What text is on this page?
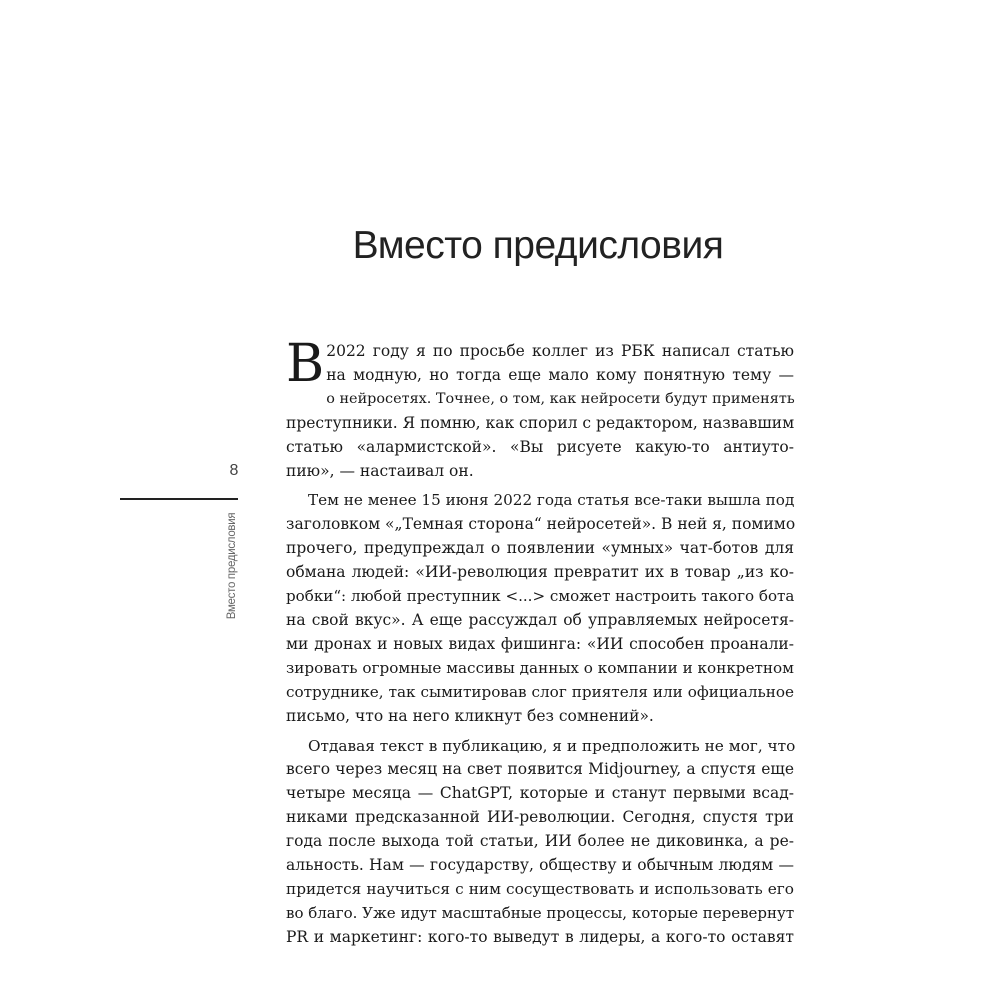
Вместо предисловия
8
Вместо предисловия
В 2022 году я по просьбе коллег из РБК написал статью
на модную, но тогда еще мало кому понятную тему —
о нейросетях. Точнее, о том, как нейросети будут применять
преступники. Я помню, как спорил с редактором, назвавшим
статью «алармистской». «Вы рисуете какую-то антиуто-
пию», — настаивал он.
Тем не менее 15 июня 2022 года статья все-таки вышла под
заголовком «„Темная сторона“ нейросетей». В ней я, помимо
прочего, предупреждал о появлении «умных» чат-ботов для
обмана людей: «ИИ-революция превратит их в товар „из ко-
робки“: любой преступник <...> сможет настроить такого бота
на свой вкус». А еще рассуждал об управляемых нейросетя-
ми дронах и новых видах фишинга: «ИИ способен проанали-
зировать огромные массивы данных о компании и конкретном
сотруднике, так сымитировав слог приятеля или официальное
письмо, что на него кликнут без сомнений».
Отдавая текст в публикацию, я и предположить не мог, что
всего через месяц на свет появится Midjourney, а спустя еще
четыре месяца — ChatGPT, которые и станут первыми всад-
никами предсказанной ИИ-революции. Сегодня, спустя три
года после выхода той статьи, ИИ более не диковинка, а ре-
альность. Нам — государству, обществу и обычным людям —
придется научиться с ним сосуществовать и использовать его
во благо. Уже идут масштабные процессы, которые перевернут
PR и маркетинг: кого-то выведут в лидеры, а кого-то оставят
